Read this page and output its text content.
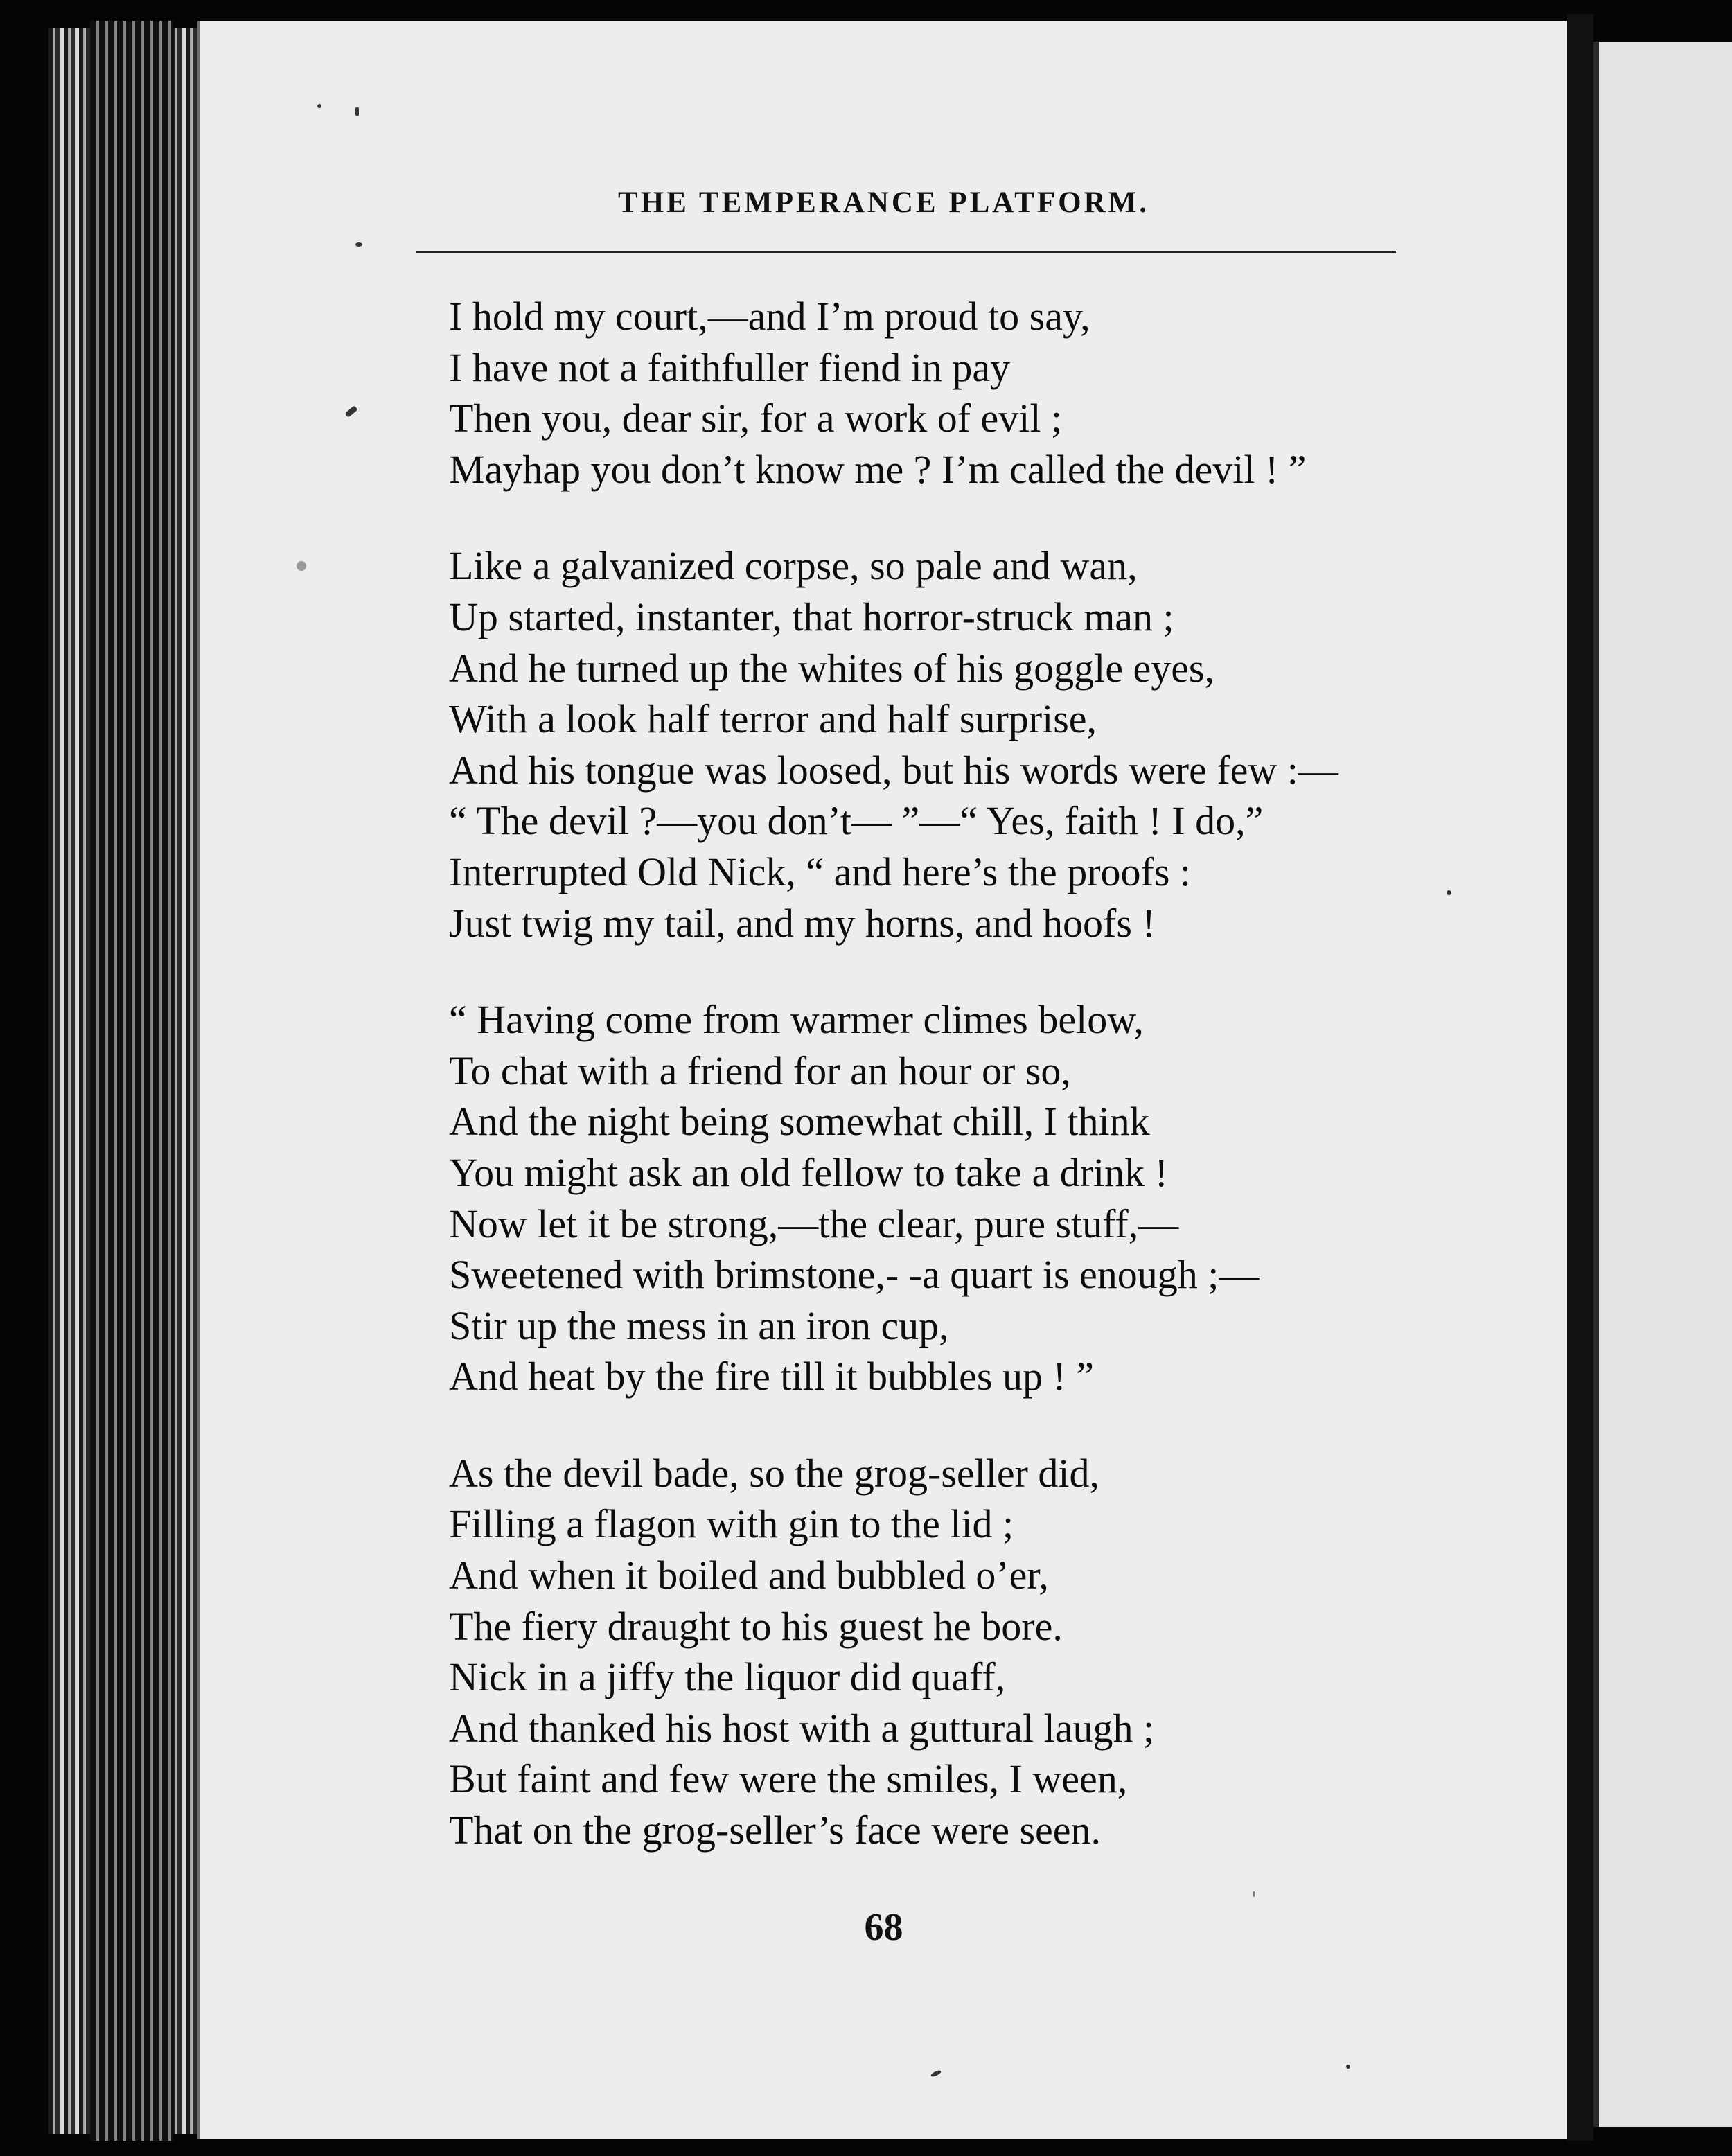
THE TEMPERANCE PLATFORM.
I hold my court,—and I’m proud to say,
I have not a faithfuller fiend in pay
Then you, dear sir, for a work of evil ;
Mayhap you don’t know me ? I’m called the devil ! ”
Like a galvanized corpse, so pale and wan,
Up started, instanter, that horror-struck man ;
And he turned up the whites of his goggle eyes,
With a look half terror and half surprise,
And his tongue was loosed, but his words were few :—
“ The devil ?—you don’t— ”—“ Yes, faith ! I do,”
Interrupted Old Nick, “ and here’s the proofs :
Just twig my tail, and my horns, and hoofs !
“ Having come from warmer climes below,
To chat with a friend for an hour or so,
And the night being somewhat chill, I think
You might ask an old fellow to take a drink !
Now let it be strong,—the clear, pure stuff,—
Sweetened with brimstone,- -a quart is enough ;—
Stir up the mess in an iron cup,
And heat by the fire till it bubbles up ! ”
As the devil bade, so the grog-seller did,
Filling a flagon with gin to the lid ;
And when it boiled and bubbled o’er,
The fiery draught to his guest he bore.
Nick in a jiffy the liquor did quaff,
And thanked his host with a guttural laugh ;
But faint and few were the smiles, I ween,
That on the grog-seller’s face were seen.
68
